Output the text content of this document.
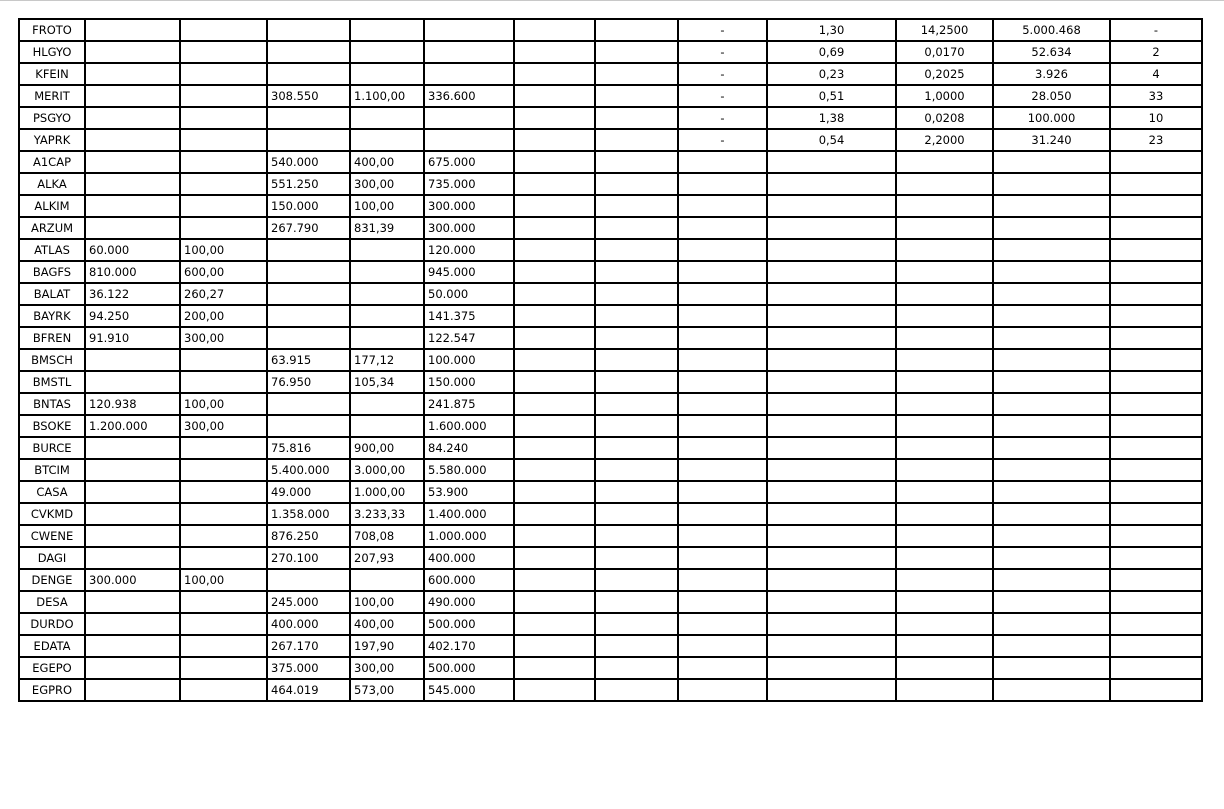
FROTO								-	1,30	14,2500	5.000.468	-
HLGYO								-	0,69	0,0170	52.634	2
KFEIN								-	0,23	0,2025	3.926	4
MERIT			308.550	1.100,00	336.600			-	0,51	1,0000	28.050	33
PSGYO								-	1,38	0,0208	100.000	10
YAPRK								-	0,54	2,2000	31.240	23
A1CAP			540.000	400,00	675.000							
ALKA			551.250	300,00	735.000							
ALKIM			150.000	100,00	300.000							
ARZUM			267.790	831,39	300.000							
ATLAS	60.000	100,00			120.000							
BAGFS	810.000	600,00			945.000							
BALAT	36.122	260,27			50.000							
BAYRK	94.250	200,00			141.375							
BFREN	91.910	300,00			122.547							
BMSCH			63.915	177,12	100.000							
BMSTL			76.950	105,34	150.000							
BNTAS	120.938	100,00			241.875							
BSOKE	1.200.000	300,00			1.600.000							
BURCE			75.816	900,00	84.240							
BTCIM			5.400.000	3.000,00	5.580.000							
CASA			49.000	1.000,00	53.900							
CVKMD			1.358.000	3.233,33	1.400.000							
CWENE			876.250	708,08	1.000.000							
DAGI			270.100	207,93	400.000							
DENGE	300.000	100,00			600.000							
DESA			245.000	100,00	490.000							
DURDO			400.000	400,00	500.000							
EDATA			267.170	197,90	402.170							
EGEPO			375.000	300,00	500.000							
EGPRO			464.019	573,00	545.000							
